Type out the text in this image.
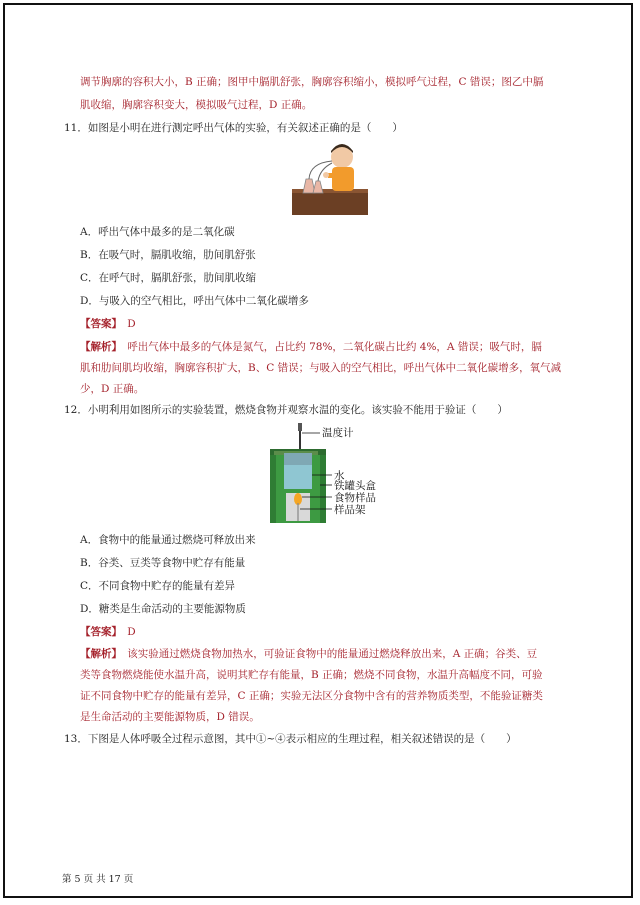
调节胸廓的容积大小，B 正确；图甲中膈肌舒张，胸廓容积缩小，模拟呼气过程，C 错误；图乙中膈

肌收缩，胸廓容积变大，模拟吸气过程，D 正确。

11．如图是小明在进行测定呼出气体的实验，有关叙述正确的是（　　）

A．呼出气体中最多的是二氧化碳

B．在吸气时，膈肌收缩，肋间肌舒张

C．在呼气时，膈肌舒张，肋间肌收缩

D．与吸入的空气相比，呼出气体中二氧化碳增多

【答案】　 D

【解析】　 呼出气体中最多的气体是氮气，占比约 78%，二氧化碳占比约 4%，A 错误；吸气时，膈

肌和肋间肌均收缩，胸廓容积扩大，B、C 错误；与吸入的空气相比，呼出气体中二氧化碳增多，氧气减

少，D 正确。

12．小明利用如图所示的实验装置，燃烧食物并观察水温的变化。该实验不能用于验证（　　）

温度计
水
铁罐头盒
食物样品
样品架

A．食物中的能量通过燃烧可释放出来

B．谷类、豆类等食物中贮存有能量

C．不同食物中贮存的能量有差异

D．糖类是生命活动的主要能源物质

【答案】　 D

【解析】　 该实验通过燃烧食物加热水，可验证食物中的能量通过燃烧释放出来，A 正确；谷类、豆

类等食物燃烧能使水温升高，说明其贮存有能量，B 正确；燃烧不同食物，水温升高幅度不同，可验

证不同食物中贮存的能量有差异，C 正确；实验无法区分食物中含有的营养物质类型，不能验证糖类

是生命活动的主要能源物质，D 错误。

13．下图是人体呼吸全过程示意图，其中①~④表示相应的生理过程，相关叙述错误的是（　　）

第 5 页 共 17 页
